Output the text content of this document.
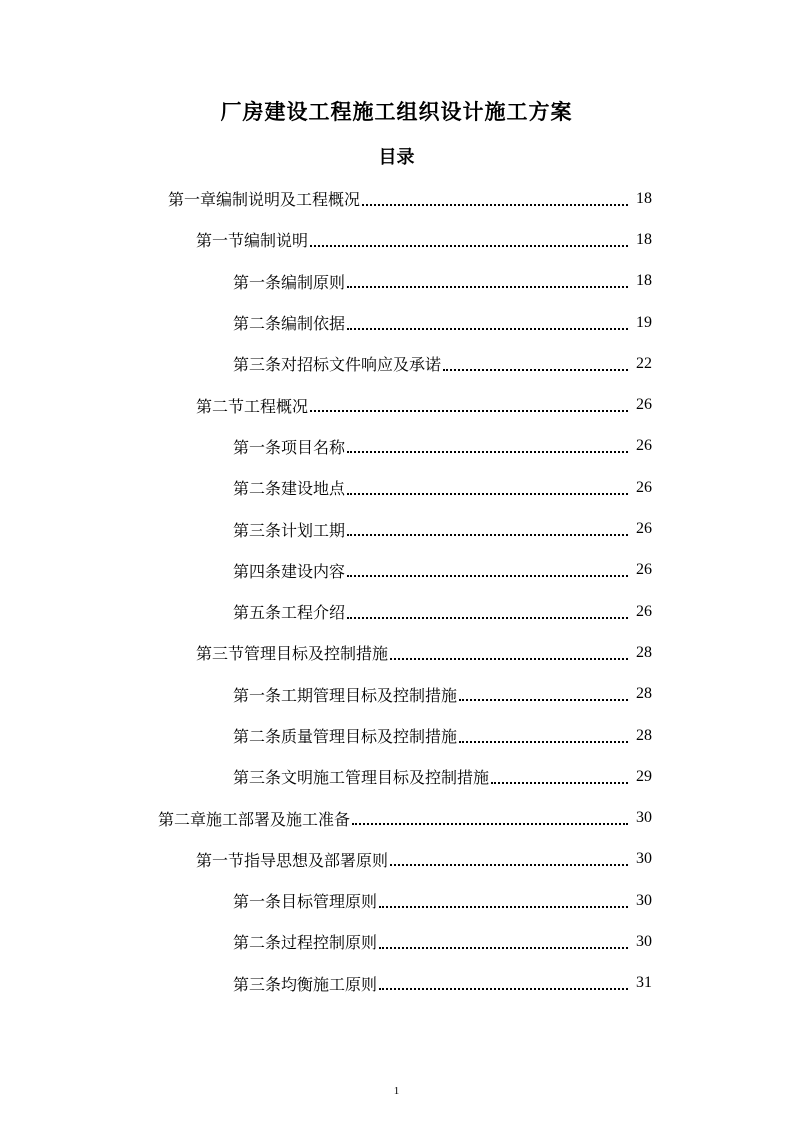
厂房建设工程施工组织设计施工方案
目录
第一章 编制说明及工程概况	18
第一节 编制说明	18
第一条 编制原则	18
第二条 编制依据	19
第三条 对招标文件响应及承诺	22
第二节 工程概况	26
第一条 项目名称	26
第二条 建设地点	26
第三条 计划工期	26
第四条 建设内容	26
第五条 工程介绍	26
第三节 管理目标及控制措施	28
第一条 工期管理目标及控制措施	28
第二条 质量管理目标及控制措施	28
第三条 文明施工管理目标及控制措施	29
第二章 施工部署及施工准备	30
第一节 指导思想及部署原则	30
第一条 目标管理原则	30
第二条 过程控制原则	30
第三条 均衡施工原则	31
1
